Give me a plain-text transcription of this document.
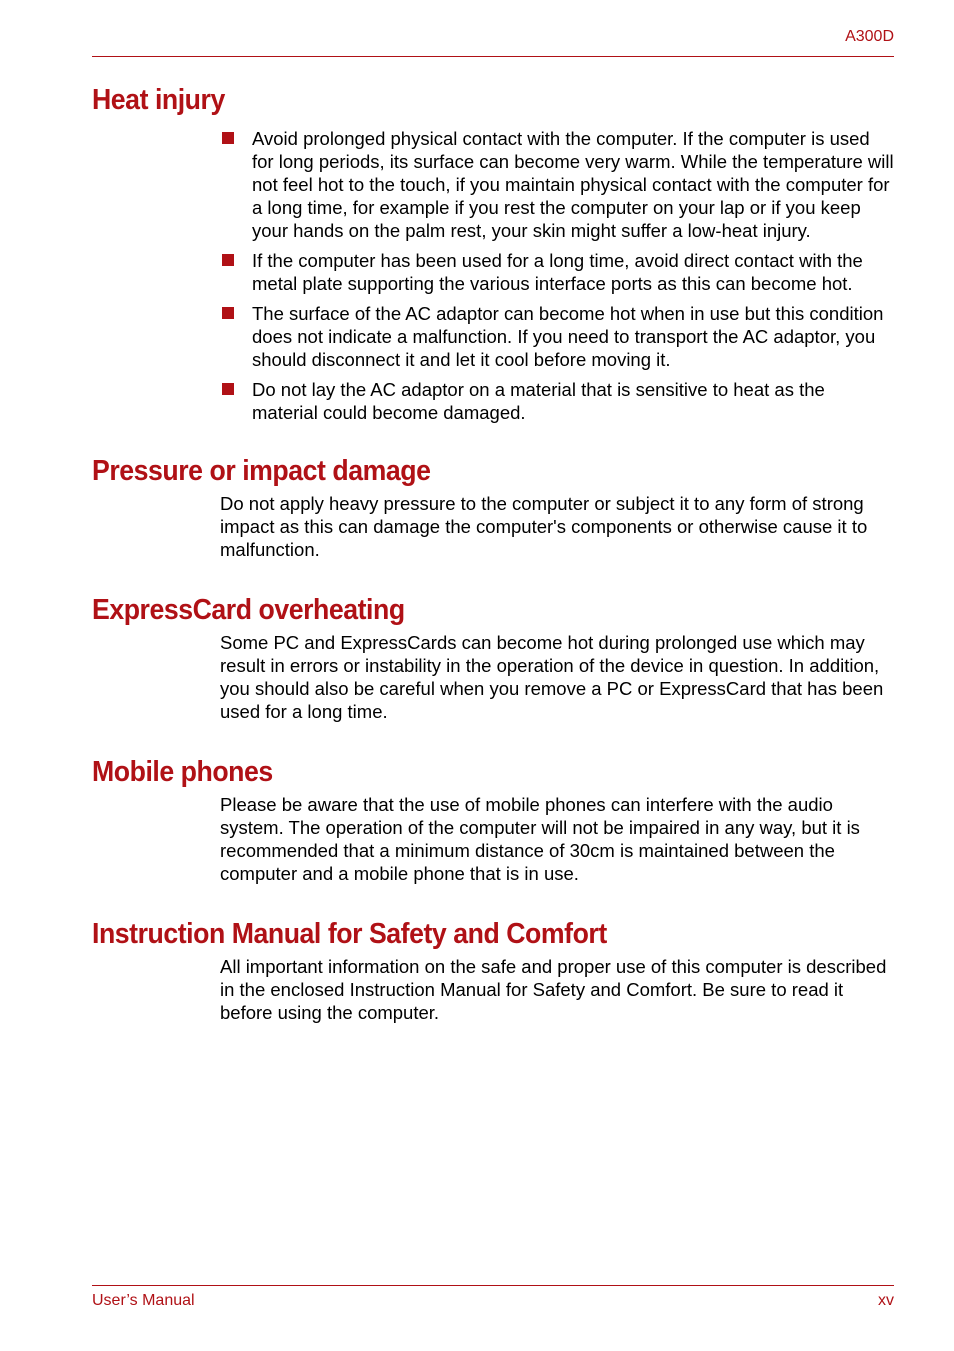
A300D
Heat injury
Avoid prolonged physical contact with the computer. If the computer is used for long periods, its surface can become very warm. While the temperature will not feel hot to the touch, if you maintain physical contact with the computer for a long time, for example if you rest the computer on your lap or if you keep your hands on the palm rest, your skin might suffer a low-heat injury.
If the computer has been used for a long time, avoid direct contact with the metal plate supporting the various interface ports as this can become hot.
The surface of the AC adaptor can become hot when in use but this condition does not indicate a malfunction. If you need to transport the AC adaptor, you should disconnect it and let it cool before moving it.
Do not lay the AC adaptor on a material that is sensitive to heat as the material could become damaged.
Pressure or impact damage

Do not apply heavy pressure to the computer or subject it to any form of strong impact as this can damage the computer's components or otherwise cause it to malfunction.

ExpressCard overheating

Some PC and ExpressCards can become hot during prolonged use which may result in errors or instability in the operation of the device in question. In addition, you should also be careful when you remove a PC or ExpressCard that has been used for a long time.

Mobile phones

Please be aware that the use of mobile phones can interfere with the audio system. The operation of the computer will not be impaired in any way, but it is recommended that a minimum distance of 30cm is maintained between the computer and a mobile phone that is in use.

Instruction Manual for Safety and Comfort

All important information on the safe and proper use of this computer is described in the enclosed Instruction Manual for Safety and Comfort. Be sure to read it before using the computer.

User’s Manual	xv
